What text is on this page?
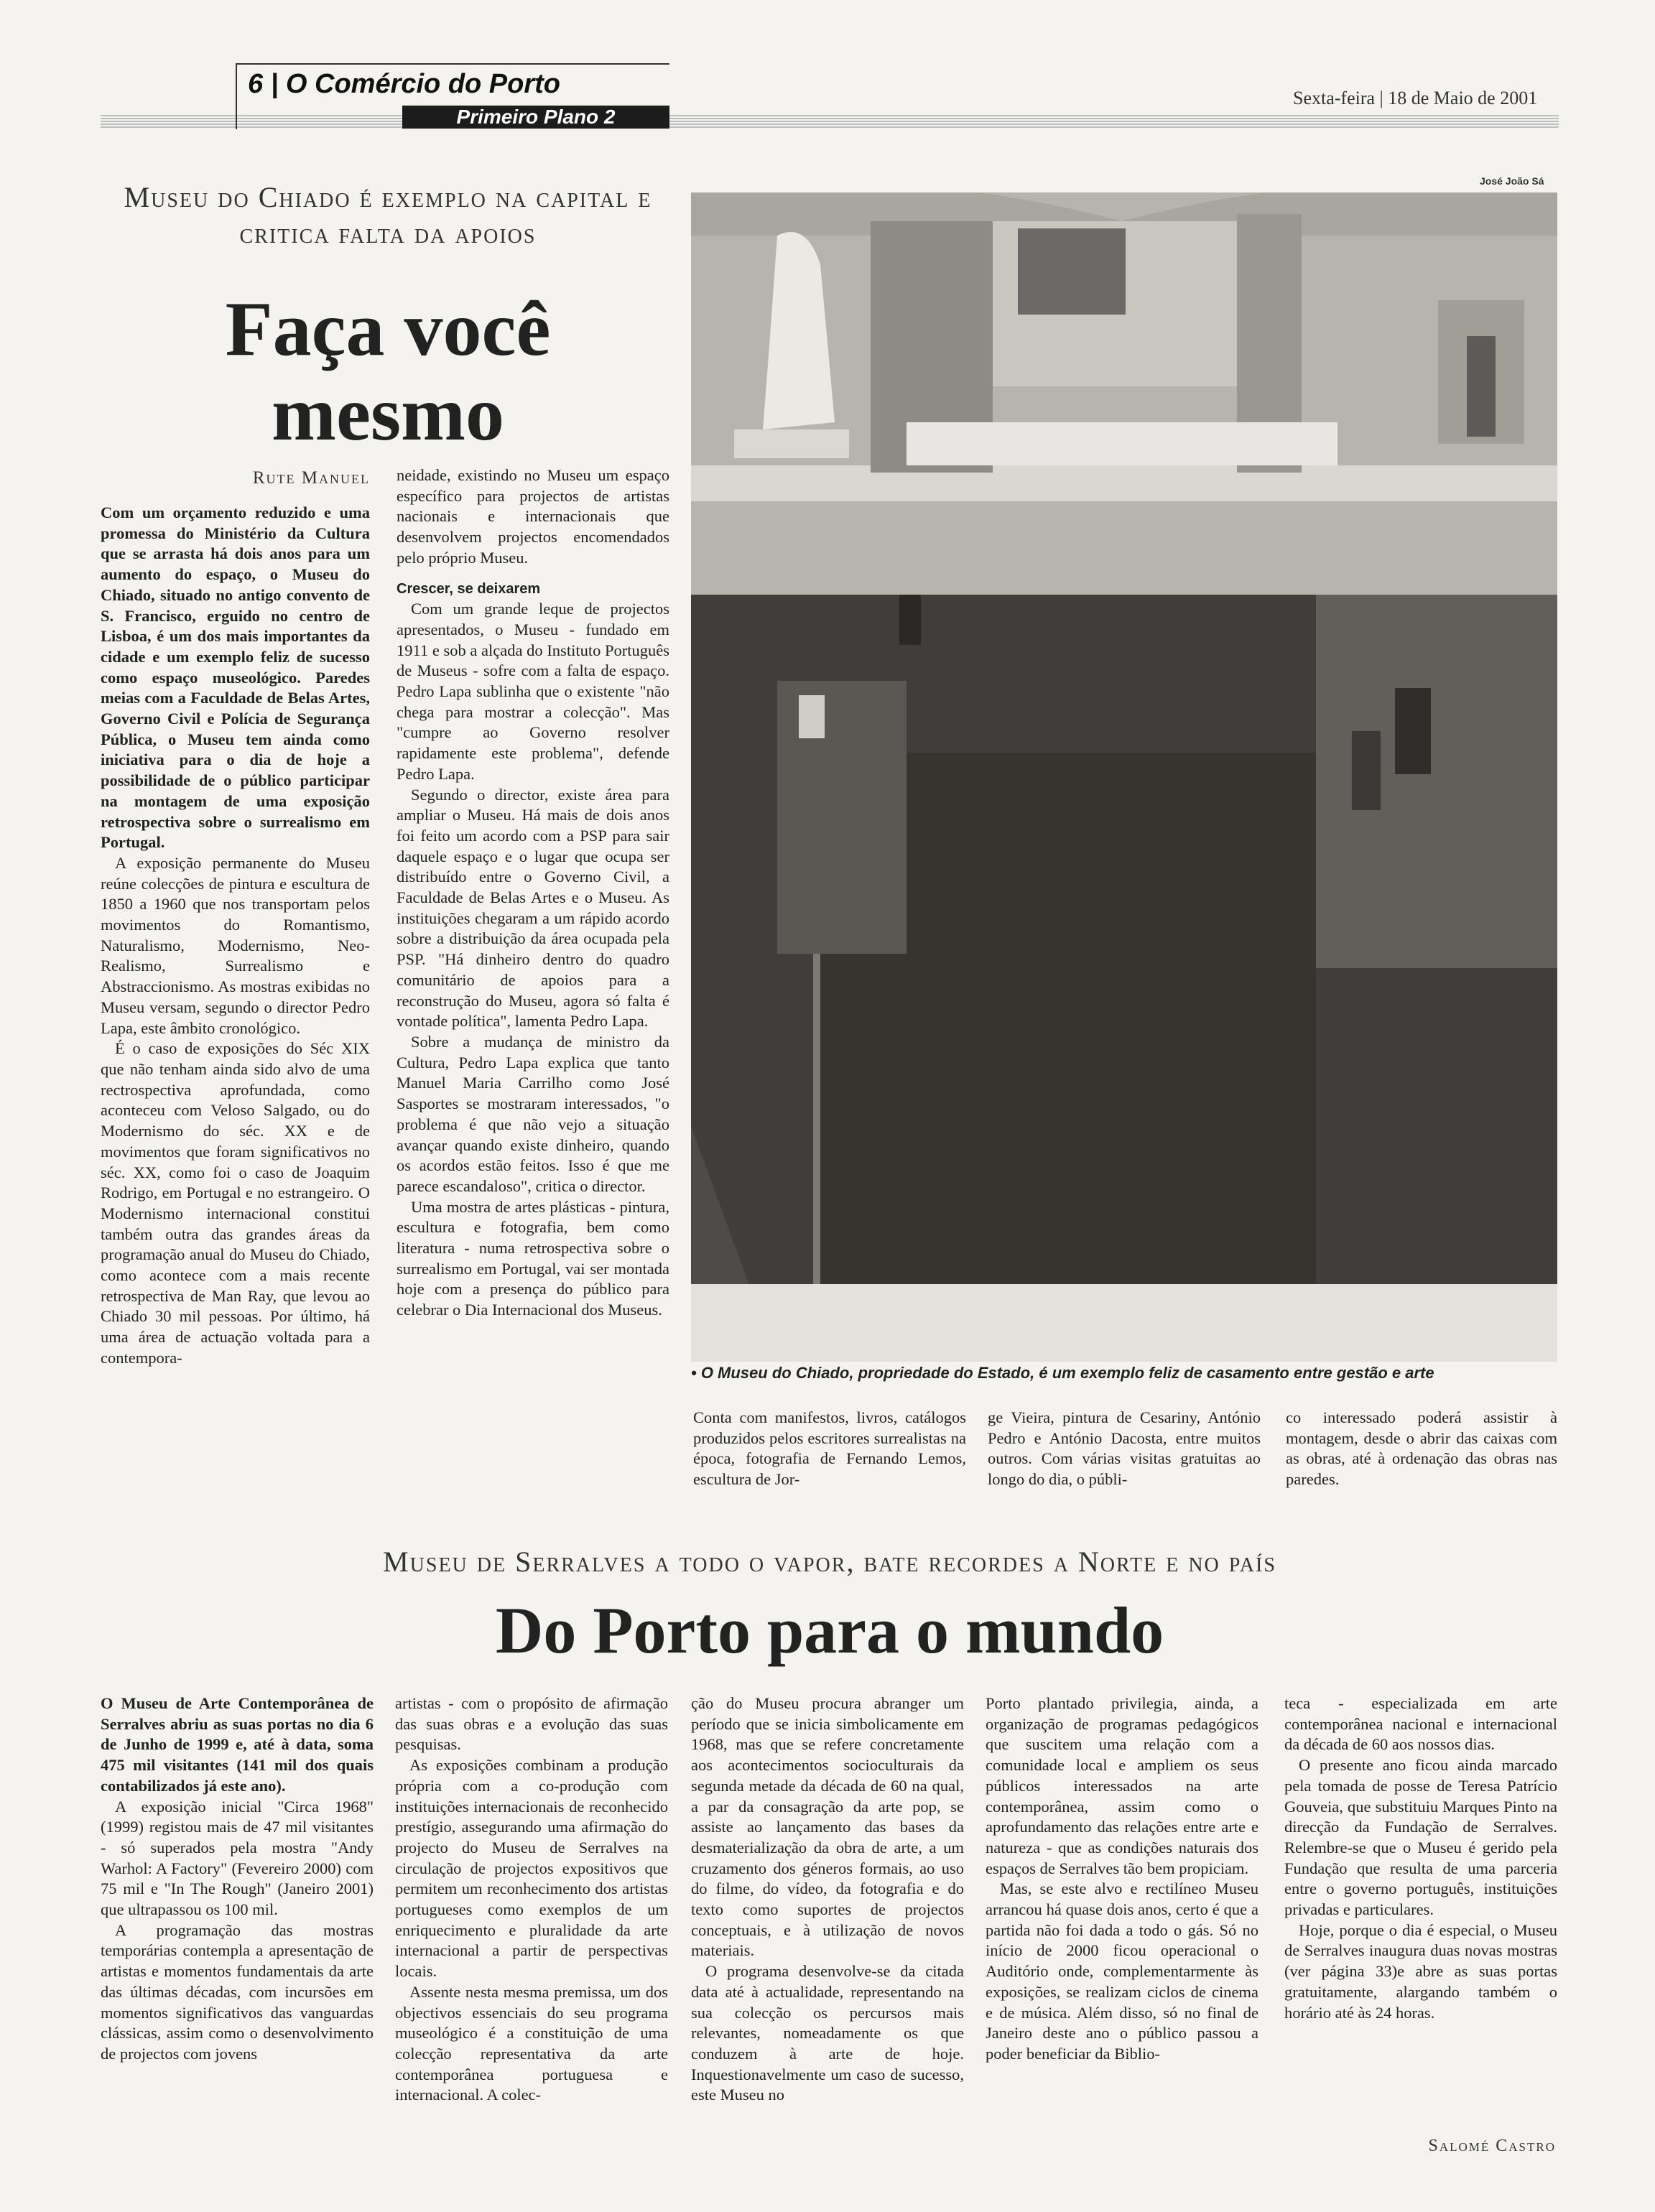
6 | O Comércio do Porto
Primeiro Plano 2
Sexta-feira | 18 de Maio de 2001
Museu do Chiado é exemplo na capital e critica falta da apoios
Faça você mesmo
Rute Manuel

Com um orçamento reduzido e uma promessa do Ministério da Cultura que se arrasta há dois anos para um aumento do espaço, o Museu do Chiado, situado no antigo convento de S. Francisco, erguido no centro de Lisboa, é um dos mais importantes da cidade e um exemplo feliz de sucesso como espaço museológico. Paredes meias com a Faculdade de Belas Artes, Governo Civil e Polícia de Segurança Pública, o Museu tem ainda como iniciativa para o dia de hoje a possibilidade de o público participar na montagem de uma exposição retrospectiva sobre o surrealismo em Portugal.

A exposição permanente do Museu reúne colecções de pintura e escultura de 1850 a 1960 que nos transportam pelos movimentos do Romantismo, Naturalismo, Modernismo, Neo-Realismo, Surrealismo e Abstraccionismo. As mostras exibidas no Museu versam, segundo o director Pedro Lapa, este âmbito cronológico.

É o caso de exposições do Séc XIX que não tenham ainda sido alvo de uma rectrospectiva aprofundada, como aconteceu com Veloso Salgado, ou do Modernismo do séc. XX e de movimentos que foram significativos no séc. XX, como foi o caso de Joaquim Rodrigo, em Portugal e no estrangeiro. O Modernismo internacional constitui também outra das grandes áreas da programação anual do Museu do Chiado, como acontece com a mais recente retrospectiva de Man Ray, que levou ao Chiado 30 mil pessoas. Por último, há uma área de actuação voltada para a contempora-

neidade, existindo no Museu um espaço específico para projectos de artistas nacionais e internacionais que desenvolvem projectos encomendados pelo próprio Museu.

Crescer, se deixarem

Com um grande leque de projectos apresentados, o Museu - fundado em 1911 e sob a alçada do Instituto Português de Museus - sofre com a falta de espaço. Pedro Lapa sublinha que o existente "não chega para mostrar a colecção". Mas "cumpre ao Governo resolver rapidamente este problema", defende Pedro Lapa.

Segundo o director, existe área para ampliar o Museu. Há mais de dois anos foi feito um acordo com a PSP para sair daquele espaço e o lugar que ocupa ser distribuído entre o Governo Civil, a Faculdade de Belas Artes e o Museu. As instituições chegaram a um rápido acordo sobre a distribuição da área ocupada pela PSP. "Há dinheiro dentro do quadro comunitário de apoios para a reconstrução do Museu, agora só falta é vontade política", lamenta Pedro Lapa.

Sobre a mudança de ministro da Cultura, Pedro Lapa explica que tanto Manuel Maria Carrilho como José Sasportes se mostraram interessados, "o problema é que não vejo a situação avançar quando existe dinheiro, quando os acordos estão feitos. Isso é que me parece escandaloso", critica o director.

Uma mostra de artes plásticas - pintura, escultura e fotografia, bem como literatura - numa retrospectiva sobre o surrealismo em Portugal, vai ser montada hoje com a presença do público para celebrar o Dia Internacional dos Museus.

José João Sá
• O Museu do Chiado, propriedade do Estado, é um exemplo feliz de casamento entre gestão e arte

Conta com manifestos, livros, catálogos produzidos pelos escritores surrealistas na época, fotografia de Fernando Lemos, escultura de Jor-

ge Vieira, pintura de Cesariny, António Pedro e António Dacosta, entre muitos outros. Com várias visitas gratuitas ao longo do dia, o públi-

co interessado poderá assistir à montagem, desde o abrir das caixas com as obras, até à ordenação das obras nas paredes.

Museu de Serralves a todo o vapor, bate recordes a Norte e no país
Do Porto para o mundo

O Museu de Arte Contemporânea de Serralves abriu as suas portas no dia 6 de Junho de 1999 e, até à data, soma 475 mil visitantes (141 mil dos quais contabilizados já este ano).

A exposição inicial "Circa 1968" (1999) registou mais de 47 mil visitantes - só superados pela mostra "Andy Warhol: A Factory" (Fevereiro 2000) com 75 mil e "In The Rough" (Janeiro 2001) que ultrapassou os 100 mil.

A programação das mostras temporárias contempla a apresentação de artistas e momentos fundamentais da arte das últimas décadas, com incursões em momentos significativos das vanguardas clássicas, assim como o desenvolvimento de projectos com jovens

artistas - com o propósito de afirmação das suas obras e a evolução das suas pesquisas.

As exposições combinam a produção própria com a co-produção com instituições internacionais de reconhecido prestígio, assegurando uma afirmação do projecto do Museu de Serralves na circulação de projectos expositivos que permitem um reconhecimento dos artistas portugueses como exemplos de um enriquecimento e pluralidade da arte internacional a partir de perspectivas locais.

Assente nesta mesma premissa, um dos objectivos essenciais do seu programa museológico é a constituição de uma colecção representativa da arte contemporânea portuguesa e internacional. A colec-

ção do Museu procura abranger um período que se inicia simbolicamente em 1968, mas que se refere concretamente aos acontecimentos socioculturais da segunda metade da década de 60 na qual, a par da consagração da arte pop, se assiste ao lançamento das bases da desmaterialização da obra de arte, a um cruzamento dos géneros formais, ao uso do filme, do vídeo, da fotografia e do texto como suportes de projectos conceptuais, e à utilização de novos materiais.

O programa desenvolve-se da citada data até à actualidade, representando na sua colecção os percursos mais relevantes, nomeadamente os que conduzem à arte de hoje. Inquestionavelmente um caso de sucesso, este Museu no

Porto plantado privilegia, ainda, a organização de programas pedagógicos que suscitem uma relação com a comunidade local e ampliem os seus públicos interessados na arte contemporânea, assim como o aprofundamento das relações entre arte e natureza - que as condições naturais dos espaços de Serralves tão bem propiciam.

Mas, se este alvo e rectilíneo Museu arrancou há quase dois anos, certo é que a partida não foi dada a todo o gás. Só no início de 2000 ficou operacional o Auditório onde, complementarmente às exposições, se realizam ciclos de cinema e de música. Além disso, só no final de Janeiro deste ano o público passou a poder beneficiar da Biblio-

teca - especializada em arte contemporânea nacional e internacional da década de 60 aos nossos dias.

O presente ano ficou ainda marcado pela tomada de posse de Teresa Patrício Gouveia, que substituiu Marques Pinto na direcção da Fundação de Serralves. Relembre-se que o Museu é gerido pela Fundação que resulta de uma parceria entre o governo português, instituições privadas e particulares.

Hoje, porque o dia é especial, o Museu de Serralves inaugura duas novas mostras (ver página 33)e abre as suas portas gratuitamente, alargando também o horário até às 24 horas.

Salomé Castro
